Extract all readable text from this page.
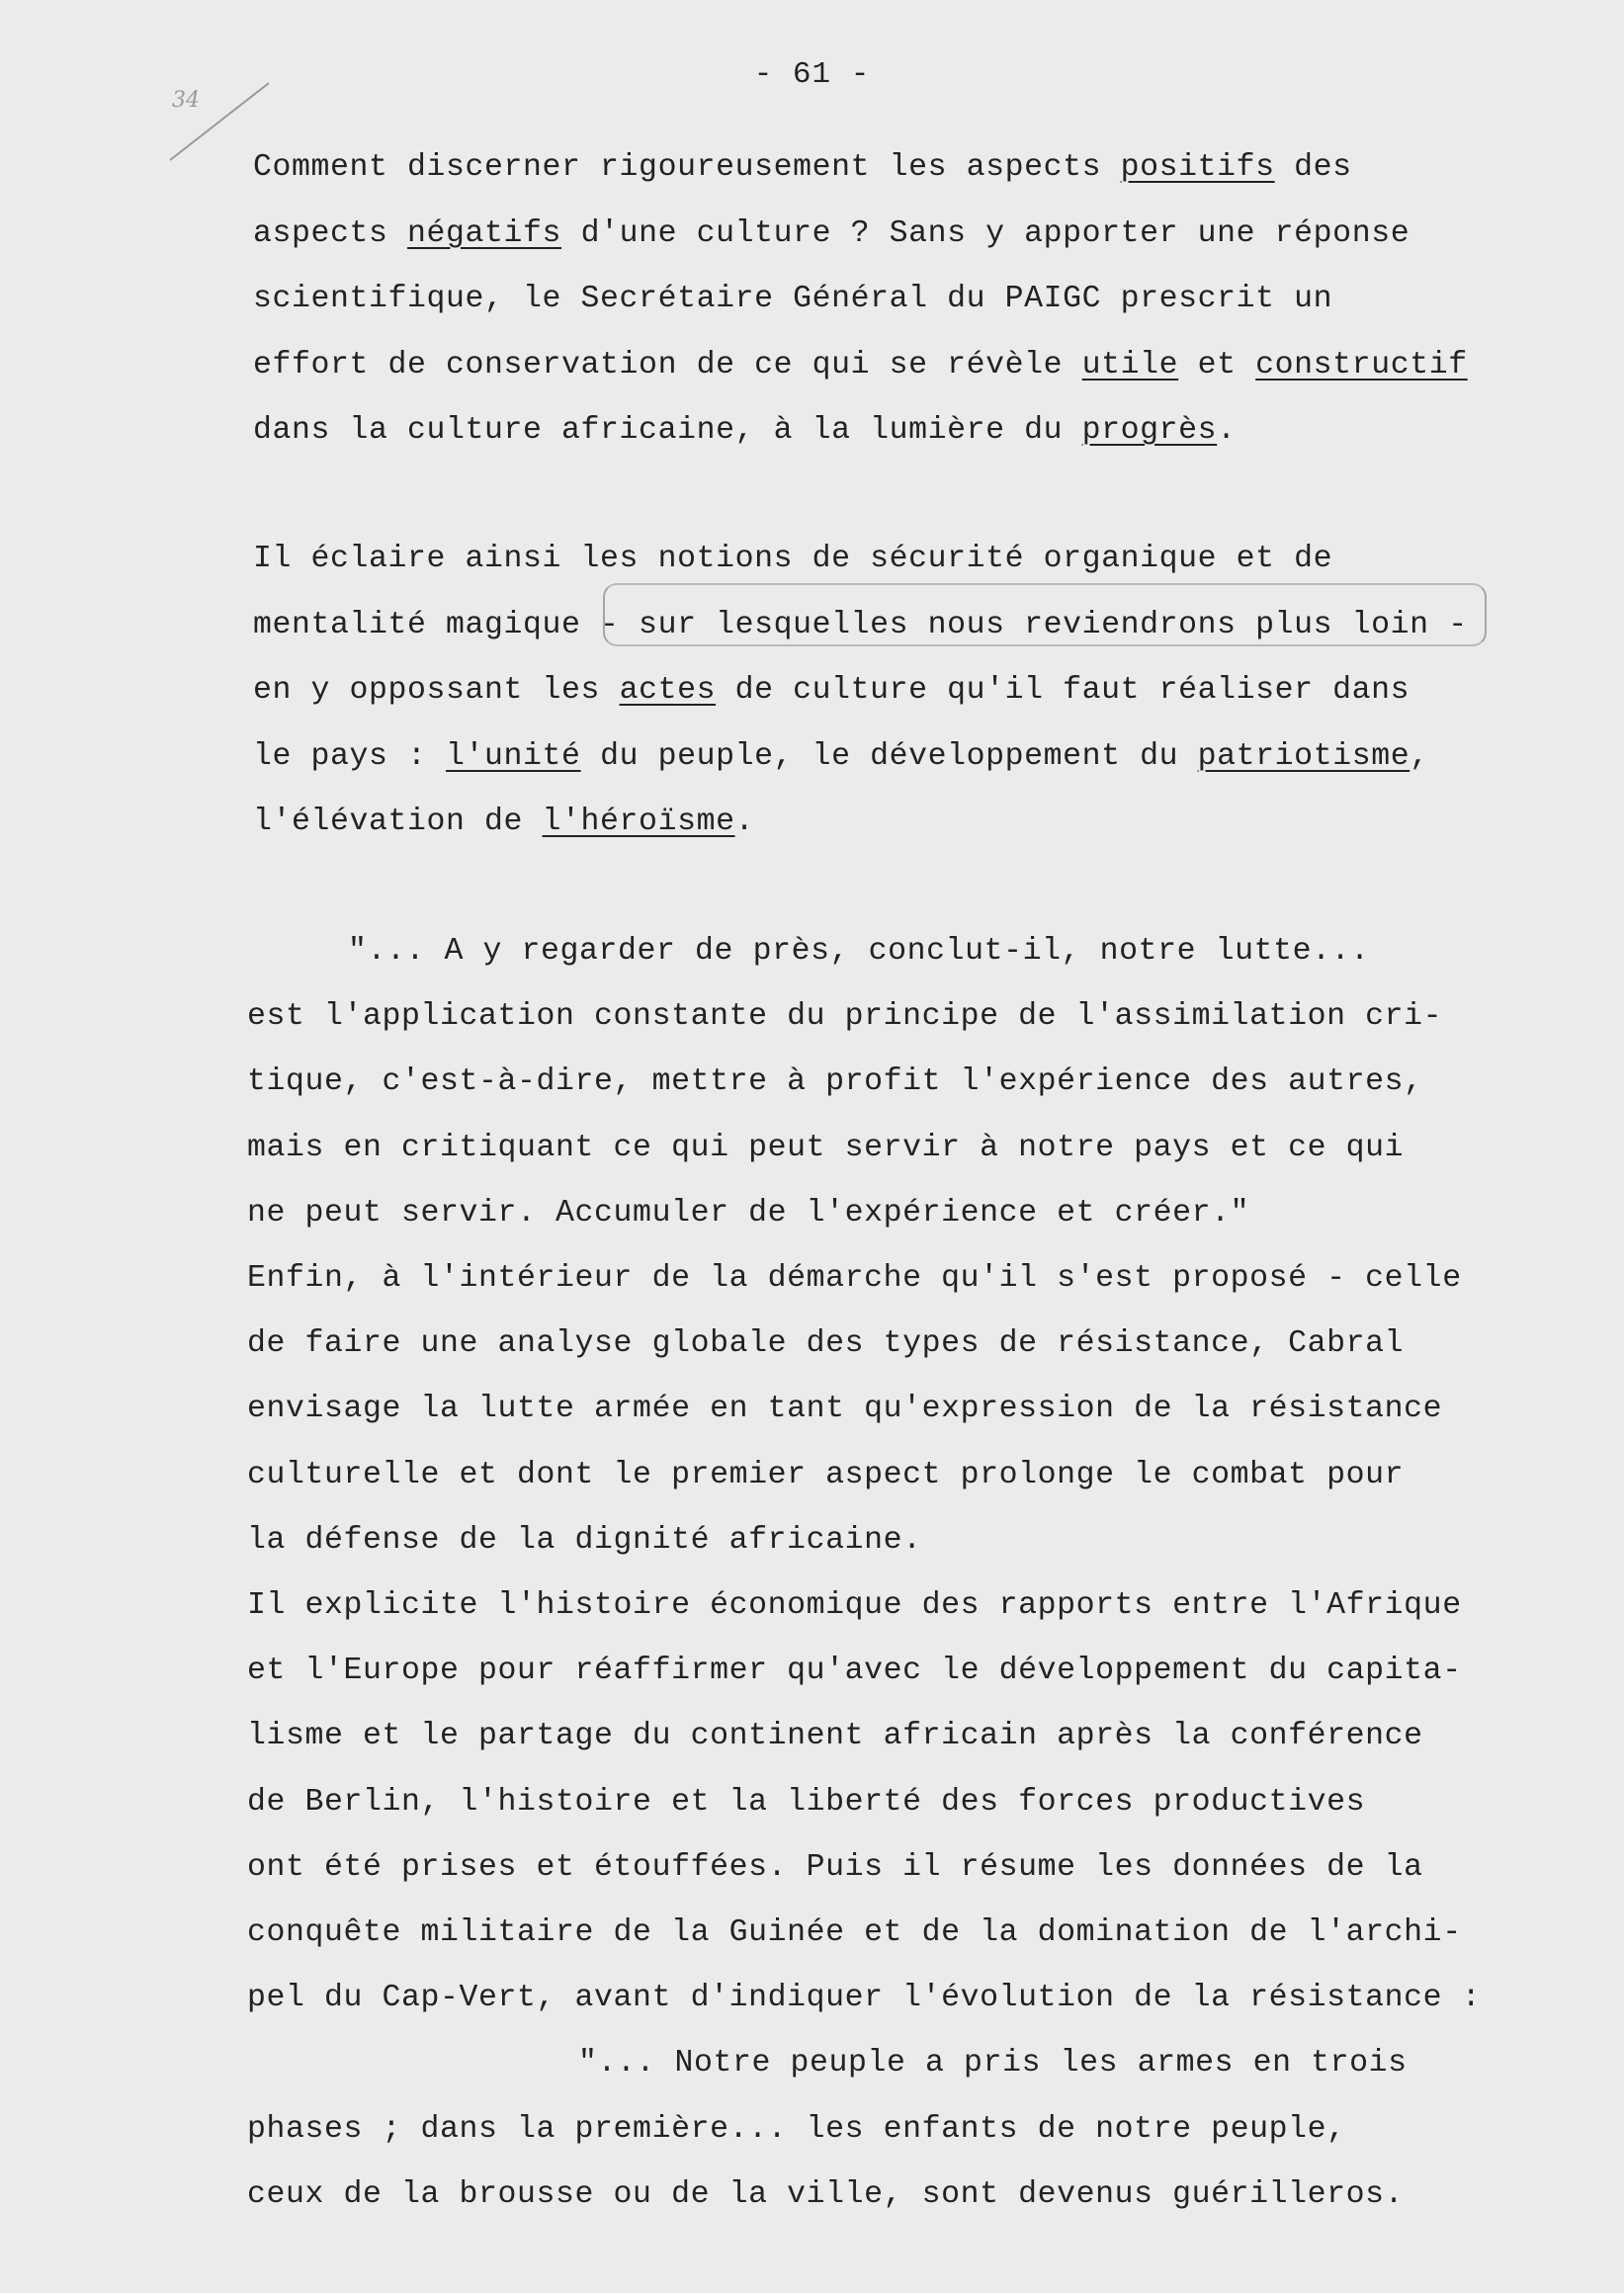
- 61 -
34
Comment discerner rigoureusement les aspects positifs des
aspects négatifs d'une culture ? Sans y apporter une réponse
scientifique, le Secrétaire Général du PAIGC prescrit un
effort de conservation de ce qui se révèle utile et constructif
dans la culture africaine, à la lumière du progrès.
Il éclaire ainsi les notions de sécurité organique et de
mentalité magique - sur lesquelles nous reviendrons plus loin -
en y oppossant les actes de culture qu'il faut réaliser dans
le pays : l'unité du peuple, le développement du patriotisme,
l'élévation de l'héroïsme.
"... A y regarder de près, conclut-il, notre lutte...
est l'application constante du principe de l'assimilation cri-
tique, c'est-à-dire, mettre à profit l'expérience des autres,
mais en critiquant ce qui peut servir à notre pays et ce qui
ne peut servir. Accumuler de l'expérience et créer."
Enfin, à l'intérieur de la démarche qu'il s'est proposé - celle
de faire une analyse globale des types de résistance, Cabral
envisage la lutte armée en tant qu'expression de la résistance
culturelle et dont le premier aspect prolonge le combat pour
la défense de la dignité africaine.
Il explicite l'histoire économique des rapports entre l'Afrique
et l'Europe pour réaffirmer qu'avec le développement du capita-
lisme et le partage du continent africain après la conférence
de Berlin, l'histoire et la liberté des forces productives
ont été prises et étouffées. Puis il résume les données de la
conquête militaire de la Guinée et de la domination de l'archi-
pel du Cap-Vert, avant d'indiquer l'évolution de la résistance :
"... Notre peuple a pris les armes en trois
phases ; dans la première... les enfants de notre peuple,
ceux de la brousse ou de la ville, sont devenus guérilleros.
